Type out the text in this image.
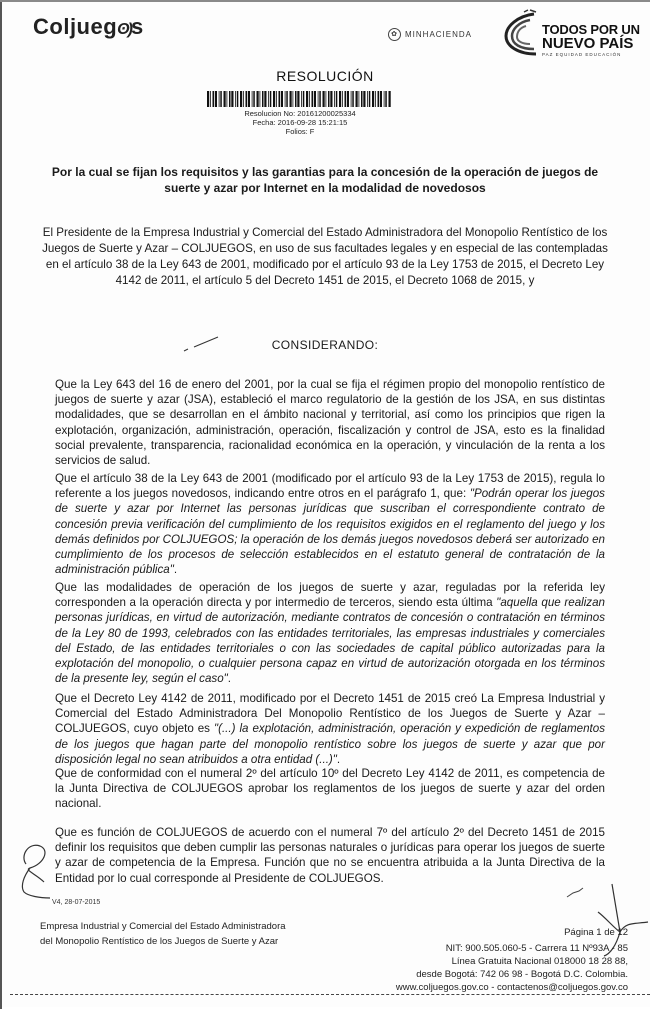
Coljuegʘ)s	✿ MINHACIENDA	TODOS POR UN
NUEVO PAÍS
PAZ EQUIDAD EDUCACIÓN
RESOLUCIÓN
Resolucion No: 20161200025334
Fecha: 2016-09-28 15:21:15
Folios: F
Por la cual se fijan los requisitos y las garantias para la concesión de la operación de juegos de suerte y azar por Internet en la modalidad de novedosos
El Presidente de la Empresa Industrial y Comercial del Estado Administradora del Monopolio Rentístico de los Juegos de Suerte y Azar – COLJUEGOS, en uso de sus facultades legales y en especial de las contempladas en el artículo 38 de la Ley 643 de 2001, modificado por el artículo 93 de la Ley 1753 de 2015, el Decreto Ley 4142 de 2011, el artículo 5 del Decreto 1451 de 2015, el Decreto 1068 de 2015, y
CONSIDERANDO:
Que la Ley 643 del 16 de enero del 2001, por la cual se fija el régimen propio del monopolio rentístico de juegos de suerte y azar (JSA), estableció el marco regulatorio de la gestión de los JSA, en sus distintas modalidades, que se desarrollan en el ámbito nacional y territorial, así como los principios que rigen la explotación, organización, administración, operación, fiscalización y control de JSA, esto es la finalidad social prevalente, transparencia, racionalidad económica en la operación, y vinculación de la renta a los servicios de salud.
Que el artículo 38 de la Ley 643 de 2001 (modificado por el artículo 93 de la Ley 1753 de 2015), regula lo referente a los juegos novedosos, indicando entre otros en el parágrafo 1, que: "Podrán operar los juegos de suerte y azar por Internet las personas jurídicas que suscriban el correspondiente contrato de concesión previa verificación del cumplimiento de los requisitos exigidos en el reglamento del juego y los demás definidos por COLJUEGOS; la operación de los demás juegos novedosos deberá ser autorizado en cumplimiento de los procesos de selección establecidos en el estatuto general de contratación de la administración pública".
Que las modalidades de operación de los juegos de suerte y azar, reguladas por la referida ley corresponden a la operación directa y por intermedio de terceros, siendo esta última "aquella que realizan personas jurídicas, en virtud de autorización, mediante contratos de concesión o contratación en términos de la Ley 80 de 1993, celebrados con las entidades territoriales, las empresas industriales y comerciales del Estado, de las entidades territoriales o con las sociedades de capital público autorizadas para la explotación del monopolio, o cualquier persona capaz en virtud de autorización otorgada en los términos de la presente ley, según el caso".
Que el Decreto Ley 4142 de 2011, modificado por el Decreto 1451 de 2015 creó La Empresa Industrial y Comercial del Estado Administradora Del Monopolio Rentístico de los Juegos de Suerte y Azar – COLJUEGOS, cuyo objeto es "(...) la explotación, administración, operación y expedición de reglamentos de los juegos que hagan parte del monopolio rentístico sobre los juegos de suerte y azar que por disposición legal no sean atribuidos a otra entidad (...)".
Que de conformidad con el numeral 2º del artículo 10º del Decreto Ley 4142 de 2011, es competencia de la Junta Directiva de COLJUEGOS aprobar los reglamentos de los juegos de suerte y azar del orden nacional.
Que es función de COLJUEGOS de acuerdo con el numeral 7º del artículo 2º del Decreto 1451 de 2015 definir los requisitos que deben cumplir las personas naturales o jurídicas para operar los juegos de suerte y azar de competencia de la Empresa. Función que no se encuentra atribuida a la Junta Directiva de la Entidad por lo cual corresponde al Presidente de COLJUEGOS.
V4, 28-07-2015
Empresa Industrial y Comercial del Estado Administradora
del Monopolio Rentístico de los Juegos de Suerte y Azar
Página 1 de 12
NIT: 900.505.060-5 - Carrera 11 Nº93A - 85
Línea Gratuita Nacional 018000 18 28 88,
desde Bogotá: 742 06 98 - Bogotá D.C. Colombia.
www.coljuegos.gov.co - contactenos@coljuegos.gov.co
